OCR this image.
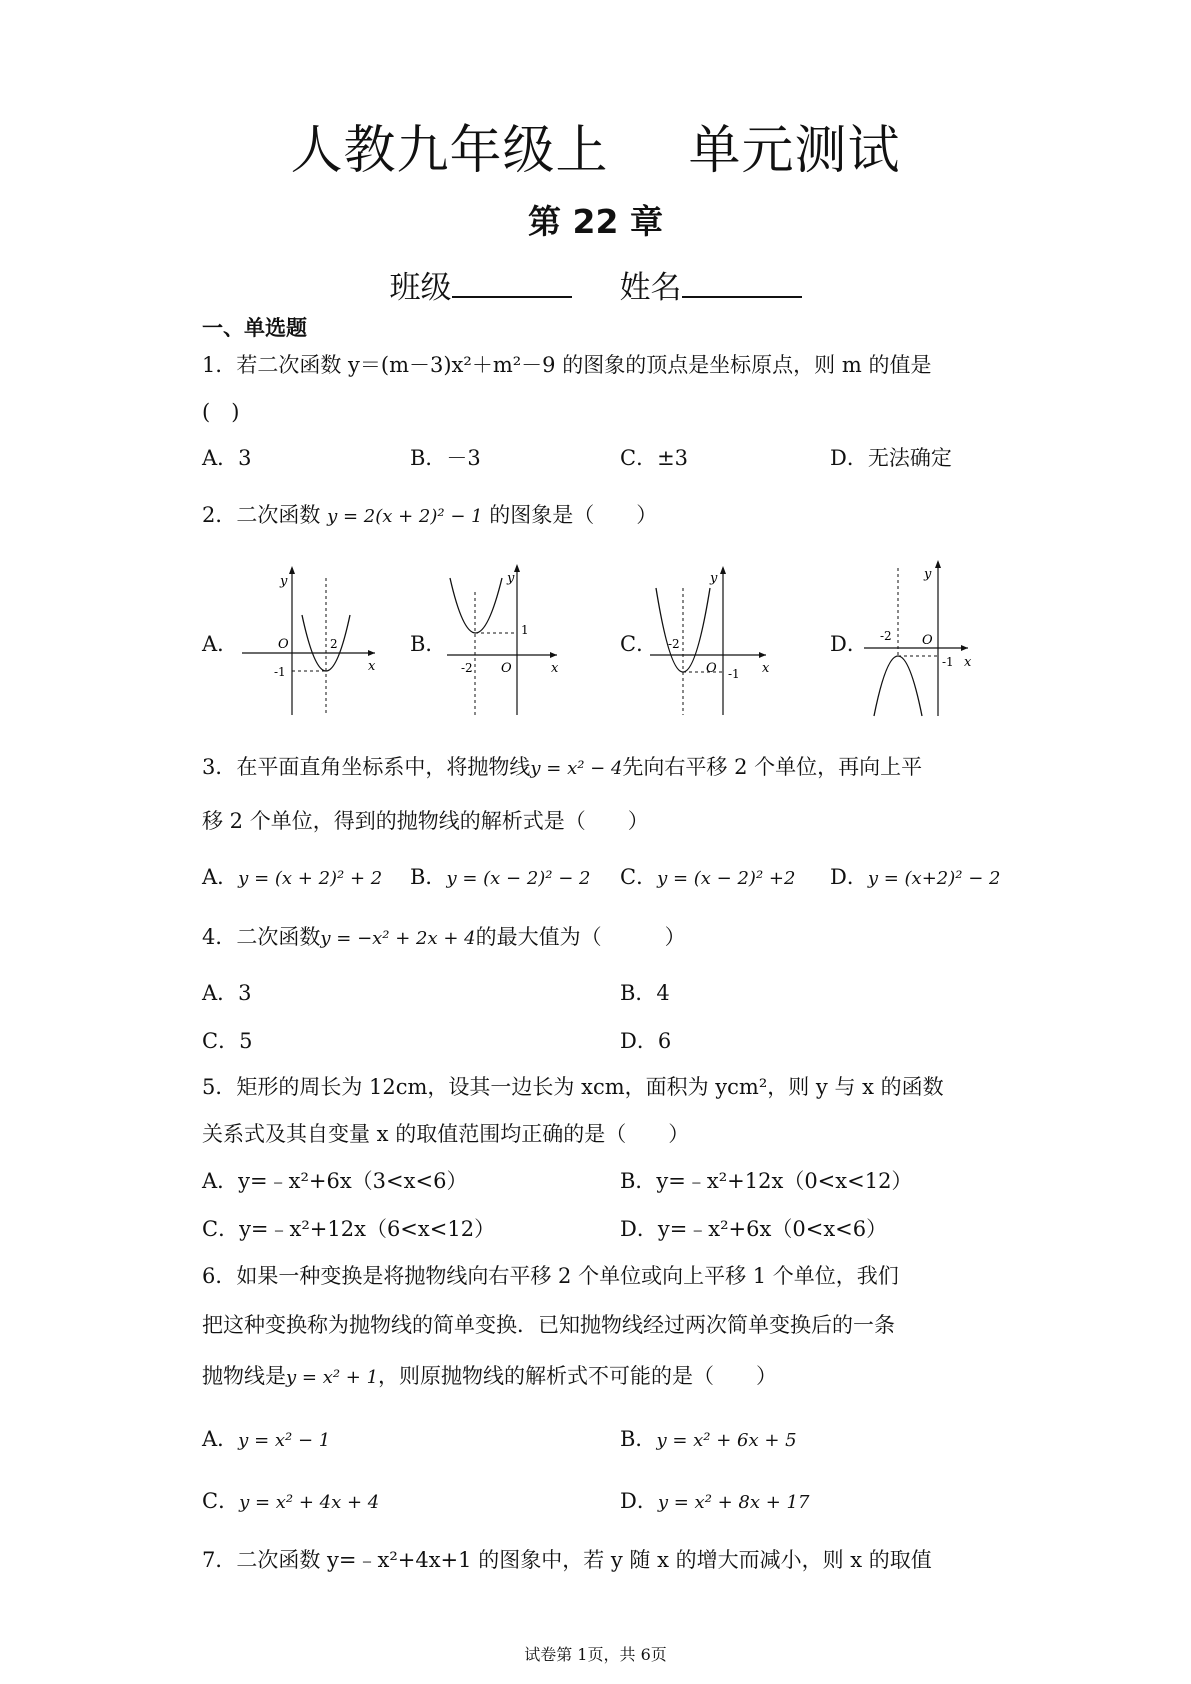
人教九年级上 单元测试
第 22 章
班级	姓名
一、单选题
1．若二次函数 y＝(m－3)x²＋m²－9 的图象的顶点是坐标原点，则 m 的值是
(　)
A．3	B．－3	C．±3	D．无法确定
2．二次函数 y = 2(x + 2)² − 1 的图象是（　　）
A．	B．	C．	D．
y
x
O	2
-1
y
x
O
-2
1
y
x
O
-2
-1
y
x
O
-2
-1
3．在平面直角坐标系中，将抛物线y = x² − 4先向右平移 2 个单位，再向上平
移 2 个单位，得到的抛物线的解析式是（　　）
A．y = (x + 2)² + 2 B．y = (x − 2)² − 2 C．y = (x − 2)² +2 D．y = (x+2)² − 2
4．二次函数y = −x² + 2x + 4的最大值为（　　　）
A．3	B．4
C．5	D．6
5．矩形的周长为 12cm，设其一边长为 xcm，面积为 ycm²，则 y 与 x 的函数
关系式及其自变量 x 的取值范围均正确的是（　　）
A．y=﹣x²+6x（3<x<6）	B．y=﹣x²+12x（0<x<12）
C．y=﹣x²+12x（6<x<12）	D．y=﹣x²+6x（0<x<6）
6．如果一种变换是将抛物线向右平移 2 个单位或向上平移 1 个单位，我们
把这种变换称为抛物线的简单变换．已知抛物线经过两次简单变换后的一条
抛物线是y = x² + 1，则原抛物线的解析式不可能的是（　　）
A．y = x² − 1	B．y = x² + 6x + 5
C．y = x² + 4x + 4	D．y = x² + 8x + 17
7．二次函数 y=﹣x²+4x+1 的图象中，若 y 随 x 的增大而减小，则 x 的取值
试卷第 1页，共 6页
